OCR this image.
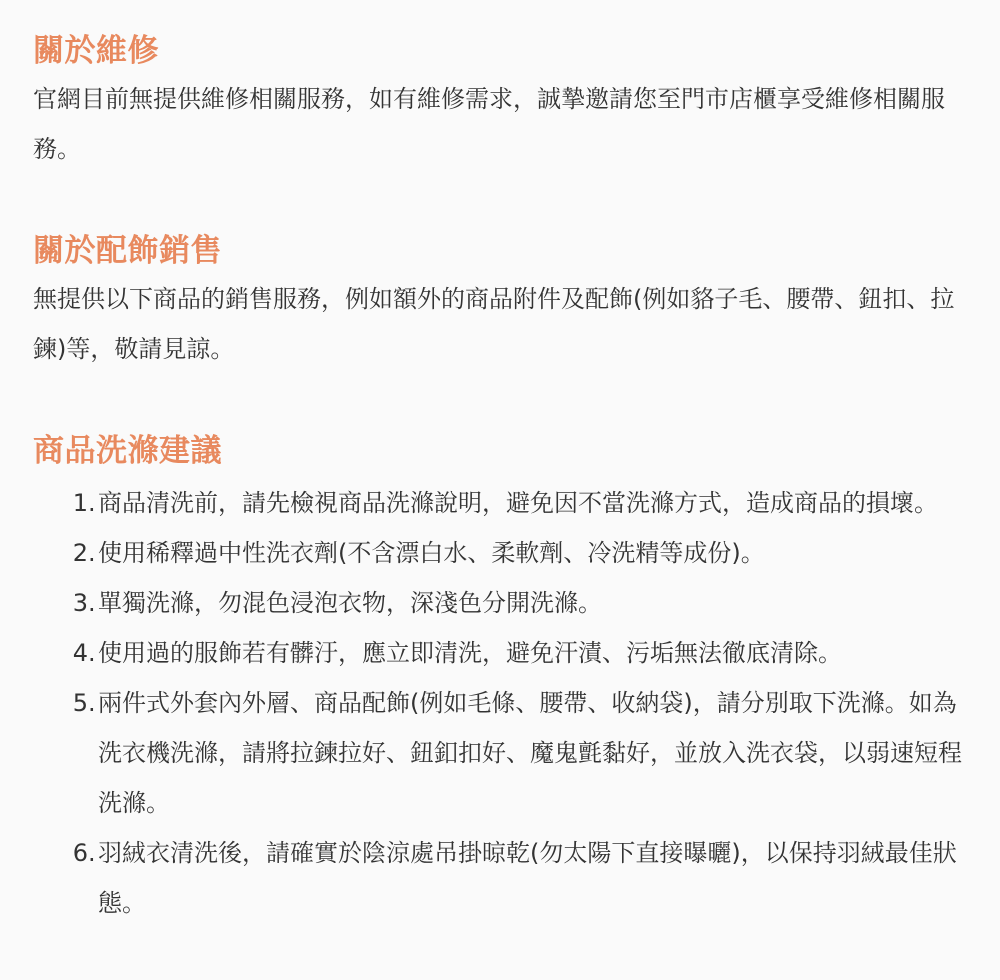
關於維修

官網目前無提供維修相關服務，如有維修需求，誠摯邀請您至門市店櫃享受維修相關服務。

關於配飾銷售

無提供以下商品的銷售服務，例如額外的商品附件及配飾(例如貉子毛、腰帶、鈕扣、拉鍊)等，敬請見諒。

商品洗滌建議
1 . 商品清洗前，請先檢視商品洗滌說明，避免因不當洗滌方式，造成商品的損壞。
2 . 使用稀釋過中性洗衣劑(不含漂白水、柔軟劑、冷洗精等成份)。
3 . 單獨洗滌，勿混色浸泡衣物，深淺色分開洗滌。
4 . 使用過的服飾若有髒汙，應立即清洗，避免汗漬、污垢無法徹底清除。
5 . 兩件式外套內外層、商品配飾(例如毛條、腰帶、收納袋)，請分別取下洗滌。如為洗衣機洗滌，請將拉鍊拉好、鈕釦扣好、魔鬼氈黏好，並放入洗衣袋，以弱速短程洗滌。
6 . 羽絨衣清洗後，請確實於陰涼處吊掛晾乾(勿太陽下直接曝曬)，以保持羽絨最佳狀態。
